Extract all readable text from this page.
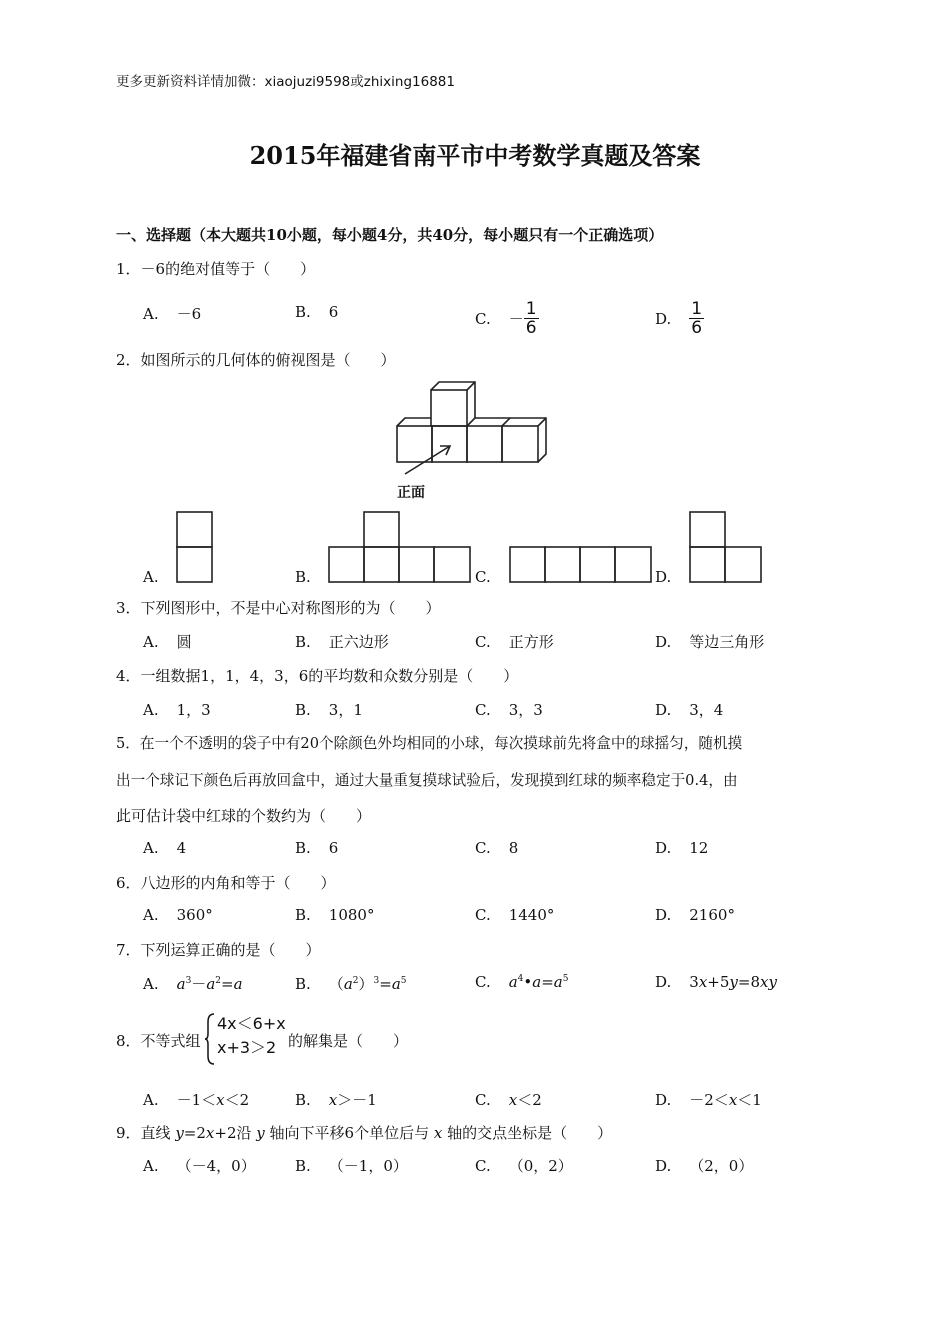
更多更新资料详情加微：xiaojuzi9598或zhixing16881
2015年福建省南平市中考数学真题及答案
一、选择题（本大题共10小题，每小题4分，共40分，每小题只有一个正确选项）
1．－6的绝对值等于（　　）
A. －6	B. 6	C. － $\frac{1}{6}$	D. $\frac{1}{6}$
2．如图所示的几何体的俯视图是（　　）
正面
A.	B.	C.	D.
3．下列图形中，不是中心对称图形的为（　　）
A. 圆	B. 正六边形	C. 正方形	D. 等边三角形
4．一组数据1，1，4，3，6的平均数和众数分别是（　　）
A. 1，3	B. 3，1	C. 3，3	D. 3，4
5．在一个不透明的袋子中有20个除颜色外均相同的小球，每次摸球前先将盒中的球摇匀，随机摸
出一个球记下颜色后再放回盒中，通过大量重复摸球试验后，发现摸到红球的频率稳定于0.4，由
此可估计袋中红球的个数约为（　　）
A. 4	B. 6	C. 8	D. 12
6．八边形的内角和等于（　　）
A. 360°	B. 1080°	C. 1440°	D. 2160°
7．下列运算正确的是（　　）
A. $a^3-a^2=a$	B. $(a^2)^3=a^5$	C. $a^4•a=a^5$	D. 3x+5y=8xy
8．不等式组
4x＜6+x
x+3＞2 的解集是（　　）
A. －1＜x＜2	B. x＞－1	C. x＜2	D. －2＜x＜1
9．直线 y=2x+2沿 y 轴向下平移6个单位后与 x 轴的交点坐标是（　　）
A. （－4，0）	B. （－1，0）	C. （0，2）	D. （2，0）
